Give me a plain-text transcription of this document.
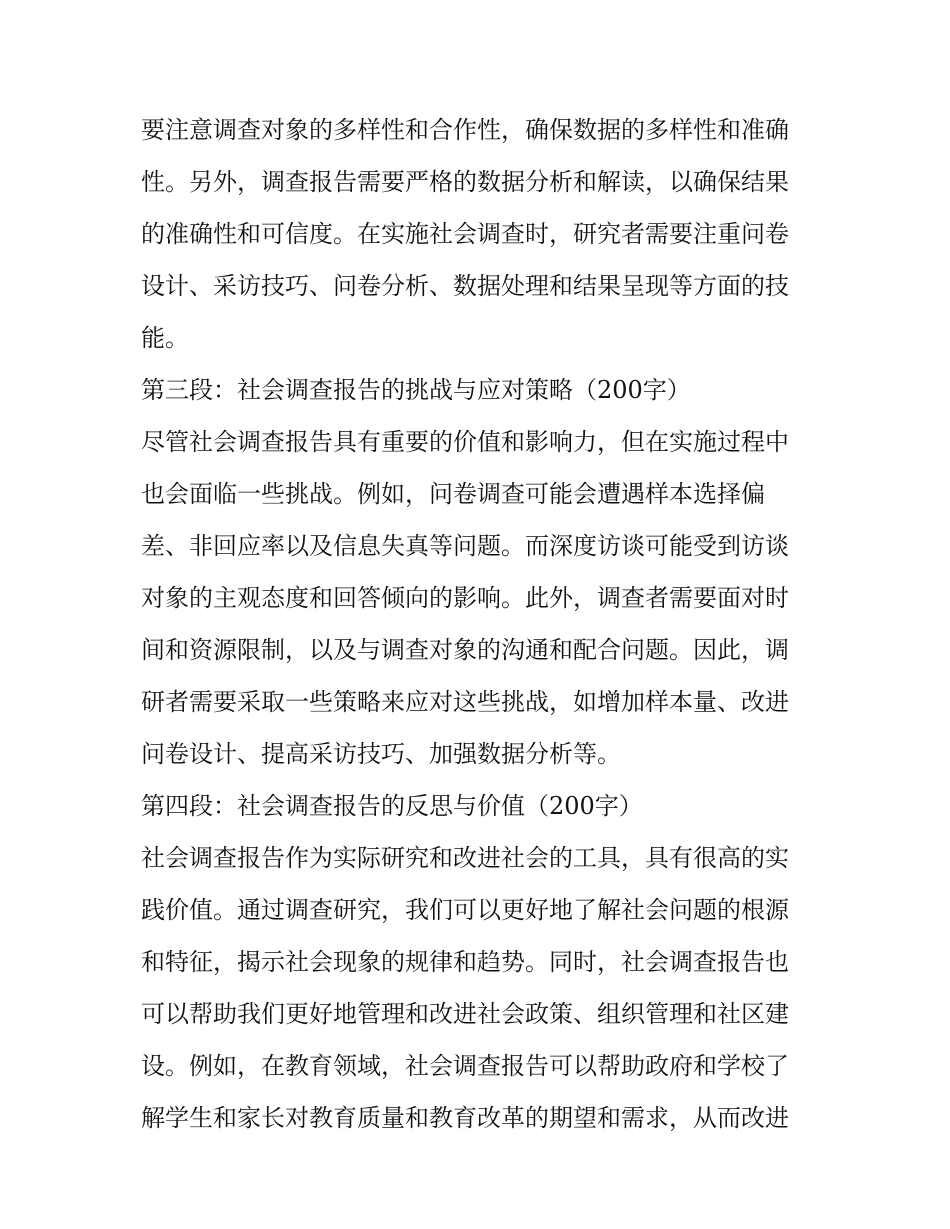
要注意调查对象的多样性和合作性，确保数据的多样性和准确
性。另外，调查报告需要严格的数据分析和解读，以确保结果
的准确性和可信度。在实施社会调查时，研究者需要注重问卷
设计、采访技巧、问卷分析、数据处理和结果呈现等方面的技
能。
第三段：社会调查报告的挑战与应对策略（200字）
尽管社会调查报告具有重要的价值和影响力，但在实施过程中
也会面临一些挑战。例如，问卷调查可能会遭遇样本选择偏
差、非回应率以及信息失真等问题。而深度访谈可能受到访谈
对象的主观态度和回答倾向的影响。此外，调查者需要面对时
间和资源限制，以及与调查对象的沟通和配合问题。因此，调
研者需要采取一些策略来应对这些挑战，如增加样本量、改进
问卷设计、提高采访技巧、加强数据分析等。
第四段：社会调查报告的反思与价值（200字）
社会调查报告作为实际研究和改进社会的工具，具有很高的实
践价值。通过调查研究，我们可以更好地了解社会问题的根源
和特征，揭示社会现象的规律和趋势。同时，社会调查报告也
可以帮助我们更好地管理和改进社会政策、组织管理和社区建
设。例如，在教育领域，社会调查报告可以帮助政府和学校了
解学生和家长对教育质量和教育改革的期望和需求，从而改进
